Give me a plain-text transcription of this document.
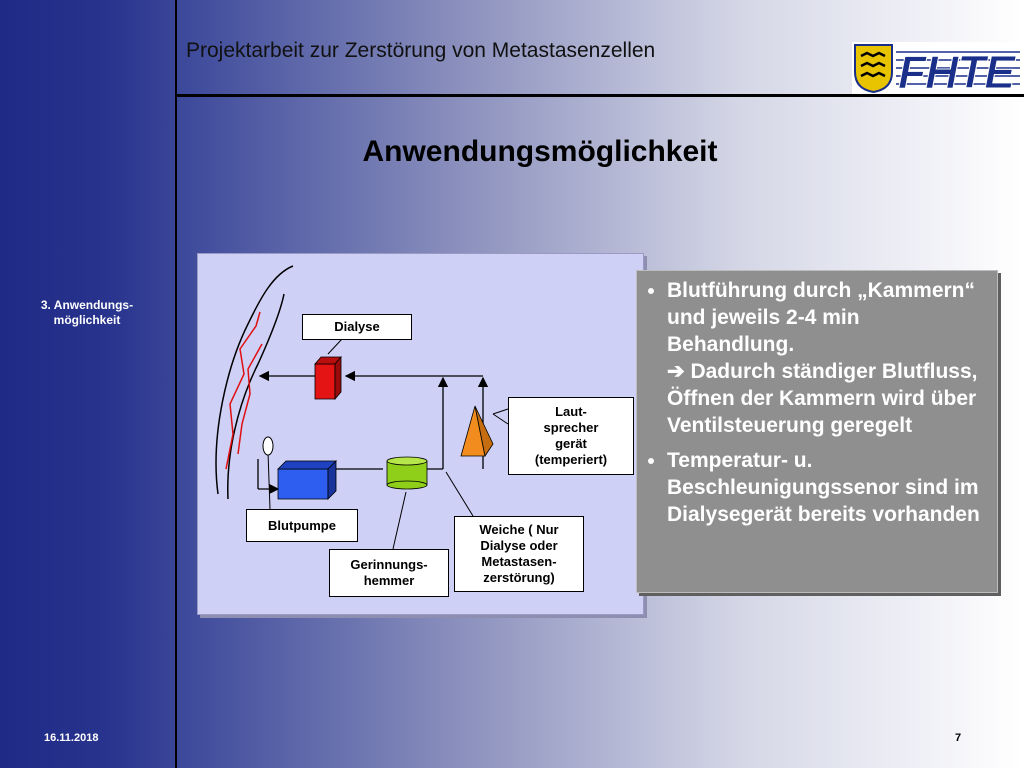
Projektarbeit zur Zerstörung von Metastasenzellen	FHTE
Anwendungsmöglichkeit
3. Anwendungs-
möglichkeit	Dialyse
Laut-
sprecher
gerät
(temperiert)
Blutpumpe
Gerinnungs-
hemmer
Weiche ( Nur
Dialyse oder
Metastasen-
zerstörung)
• Blutführung durch „Kammern“ und jeweils 2-4 min Behandlung.
➔ Dadurch ständiger Blutfluss, Öffnen der Kammern wird über Ventilsteuerung geregelt
• Temperatur- u. Beschleunigungssenor sind im Dialysegerät bereits vorhanden
16.11.2018	7
